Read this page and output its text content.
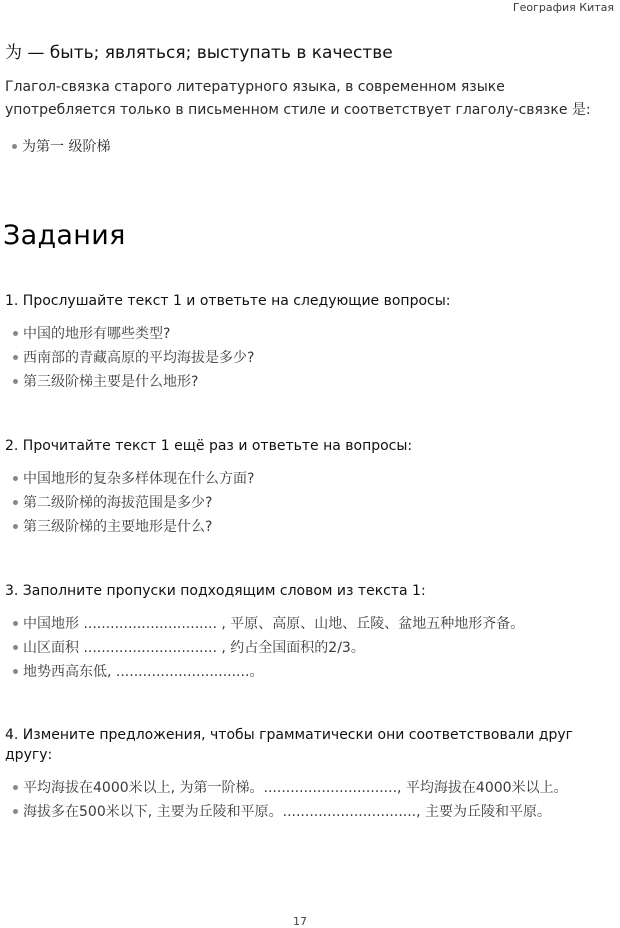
География Китая
为 — быть; являться; выступать в качестве

Глагол-связка старого литературного языка, в современном языке употребляется только в письменном стиле и соответствует глаголу-связке 是:

为第一 级阶梯
Задания
1. Прослушайте текст 1 и ответьте на следующие вопросы:
中国的地形有哪些类型?
西南部的青藏高原的平均海拔是多少?
第三级阶梯主要是什么地形?
2. Прочитайте текст 1 ещё раз и ответьте на вопросы:
中国地形的复杂多样体现在什么方面?
第二级阶梯的海拔范围是多少?
第三级阶梯的主要地形是什么?
3. Заполните пропуски подходящим словом из текста 1:
中国地形 .............................. , 平原、高原、山地、丘陵、盆地五种地形齐备。
山区面积 .............................. , 约占全国面积的2/3。
地势西高东低, ..............................。
4. Измените предложения, чтобы грамматически они соответствовали друг другу:
平均海拔在4000米以上, 为第一阶梯。.............................., 平均海拔在4000米以上。
海拔多在500米以下, 主要为丘陵和平原。.............................., 主要为丘陵和平原。
17
